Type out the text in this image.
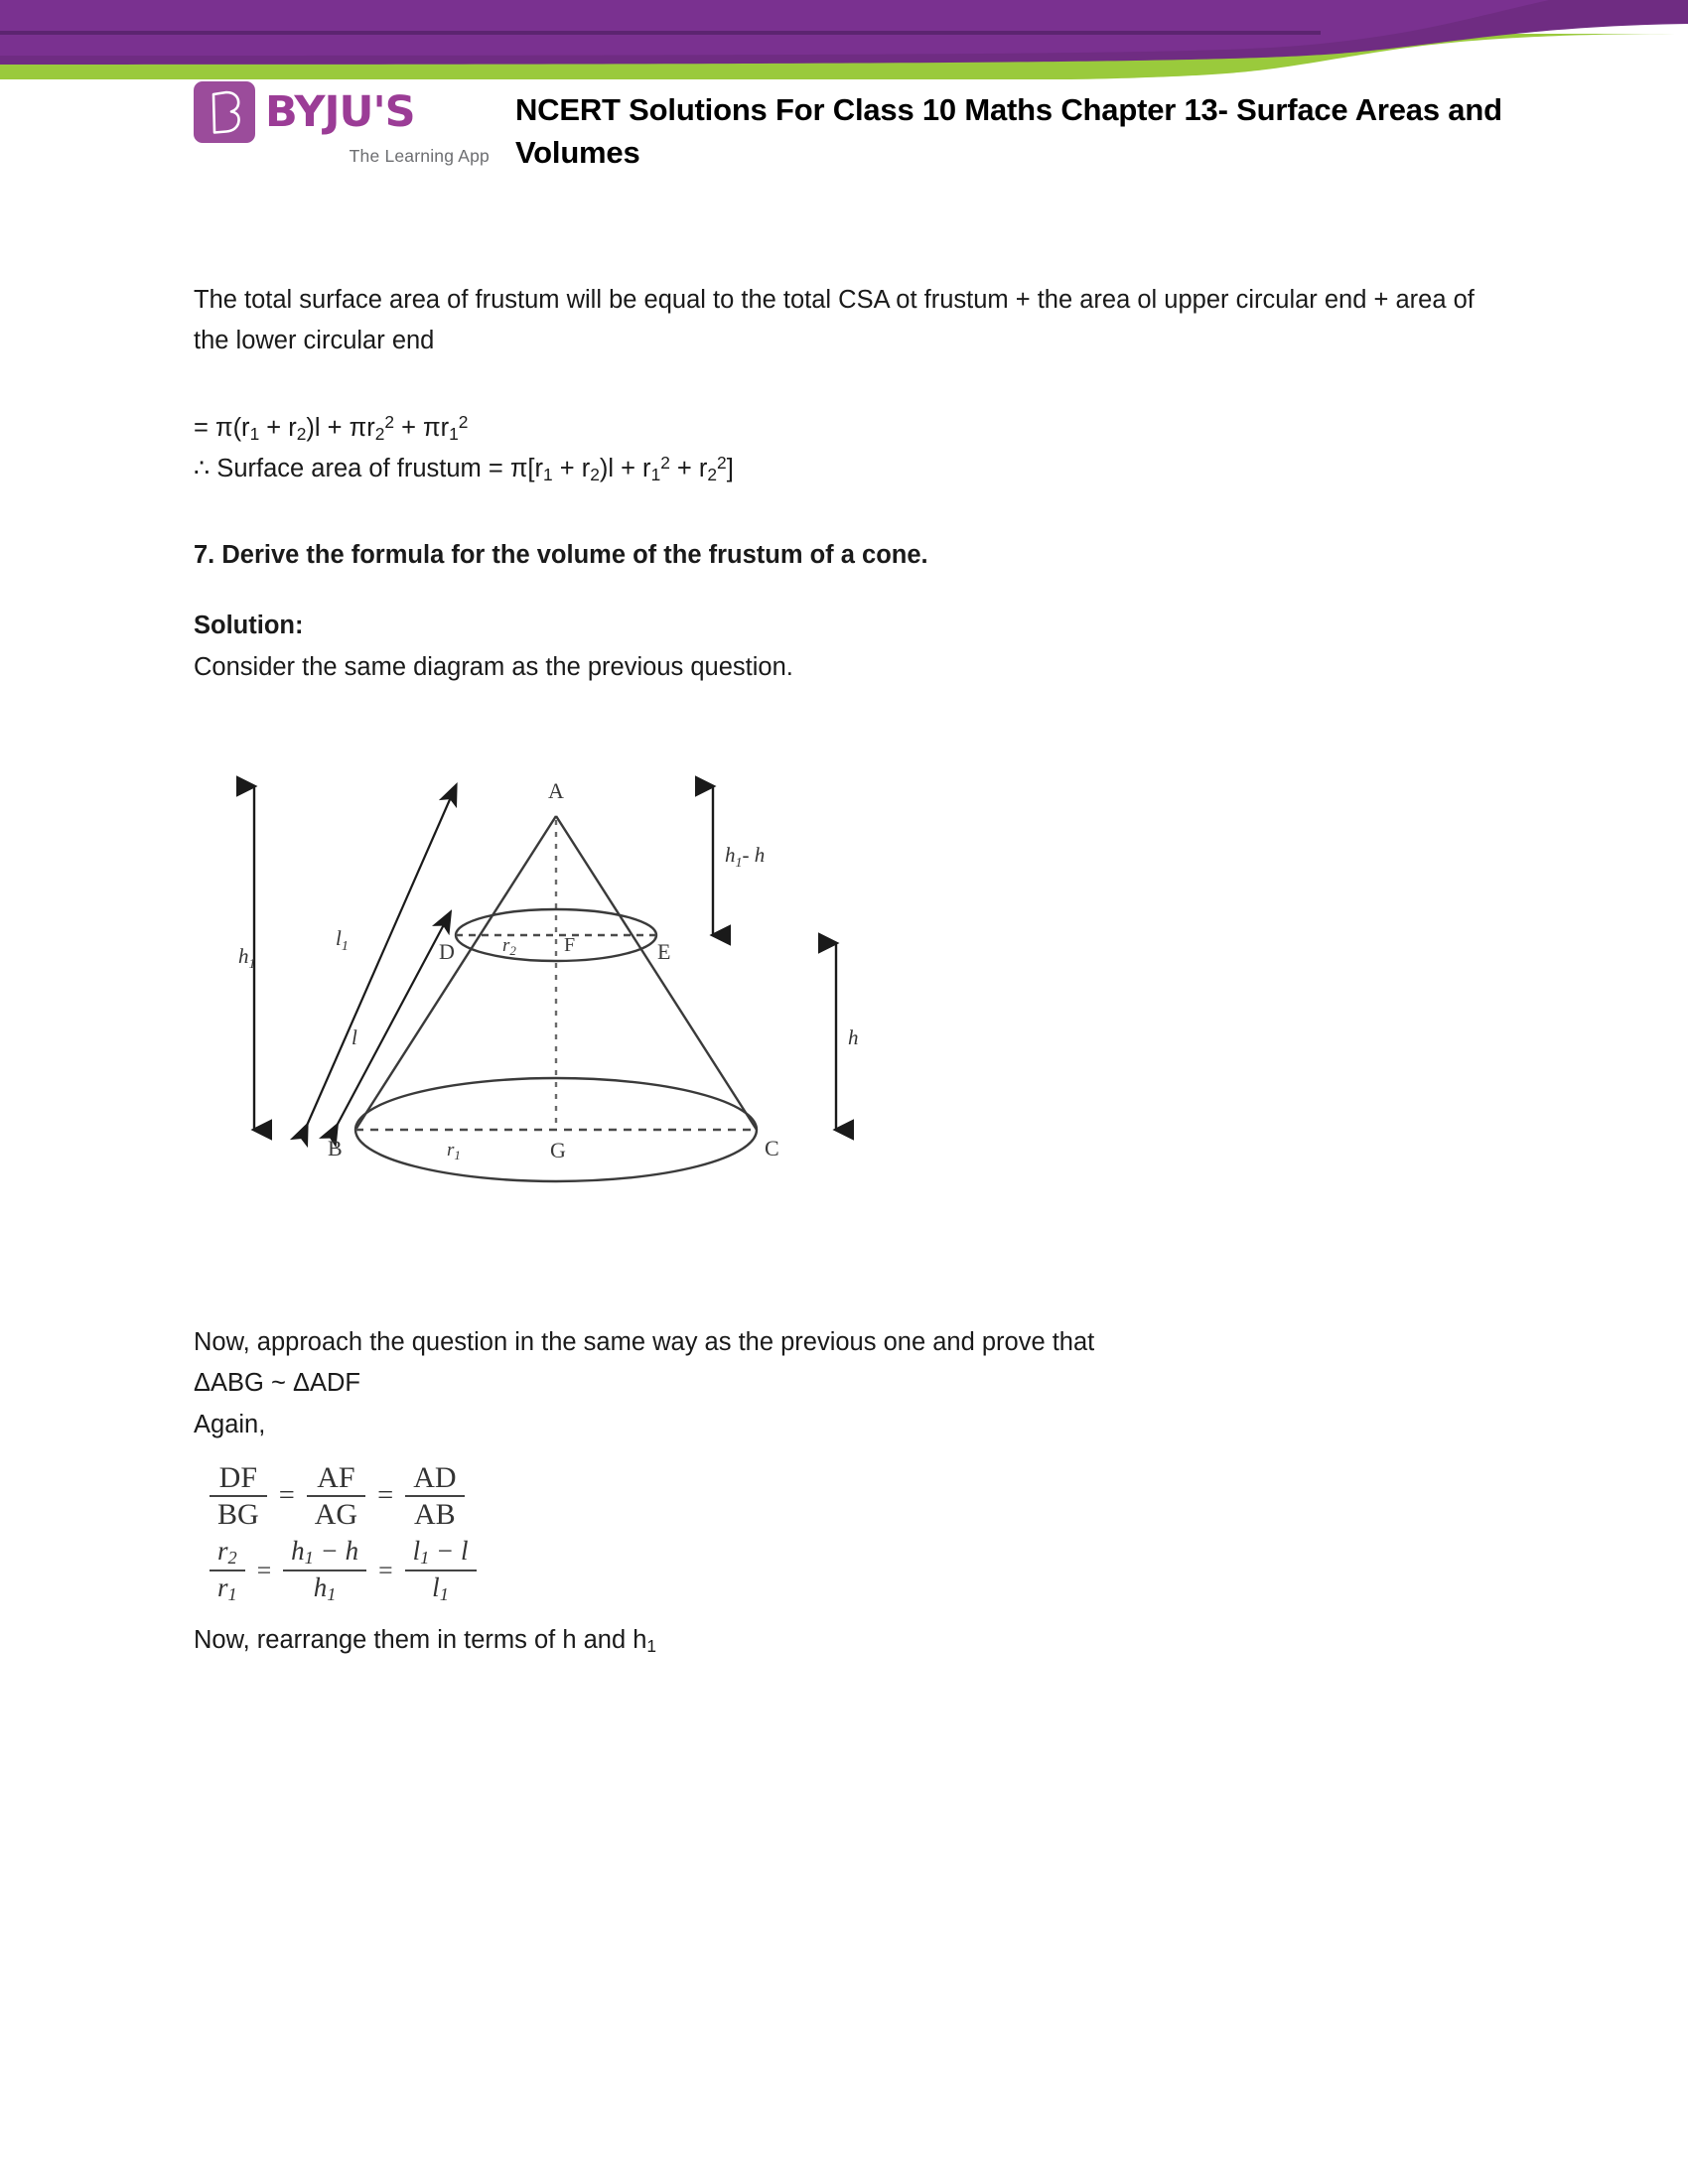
BYJU'S
The Learning App
NCERT Solutions For Class 10 Maths Chapter 13- Surface Areas and Volumes

The total surface area of frustum will be equal to the total CSA ot frustum + the area ol upper circular end + area of the lower circular end

= $\pi(r_1 + r_2)l + \pi r_2^2 + \pi r_1^2$
∴ Surface area of frustum = $\pi[r_1 + r_2)l + r_1^2 + r_2^2$]

7. Derive the formula for the volume of the frustum of a cone.

Solution:

Consider the same diagram as the previous question.

$h_1$
$h_1-$ h
h
$l_1$
l
A
D	E
F
$r_2$
B	C
G
$r_1$

Now, approach the question in the same way as the previous one and prove that

ΔABG ~ ΔADF

Again,

$\frac{DF}{BG} = \frac{AF}{AG} = \frac{AD}{AB}$
$\frac{r_2}{r_1} = \frac{h_1 - h}{h_1} = \frac{l_1 - l}{l_1}$

Now, rearrange them in terms of h and $h_1$
